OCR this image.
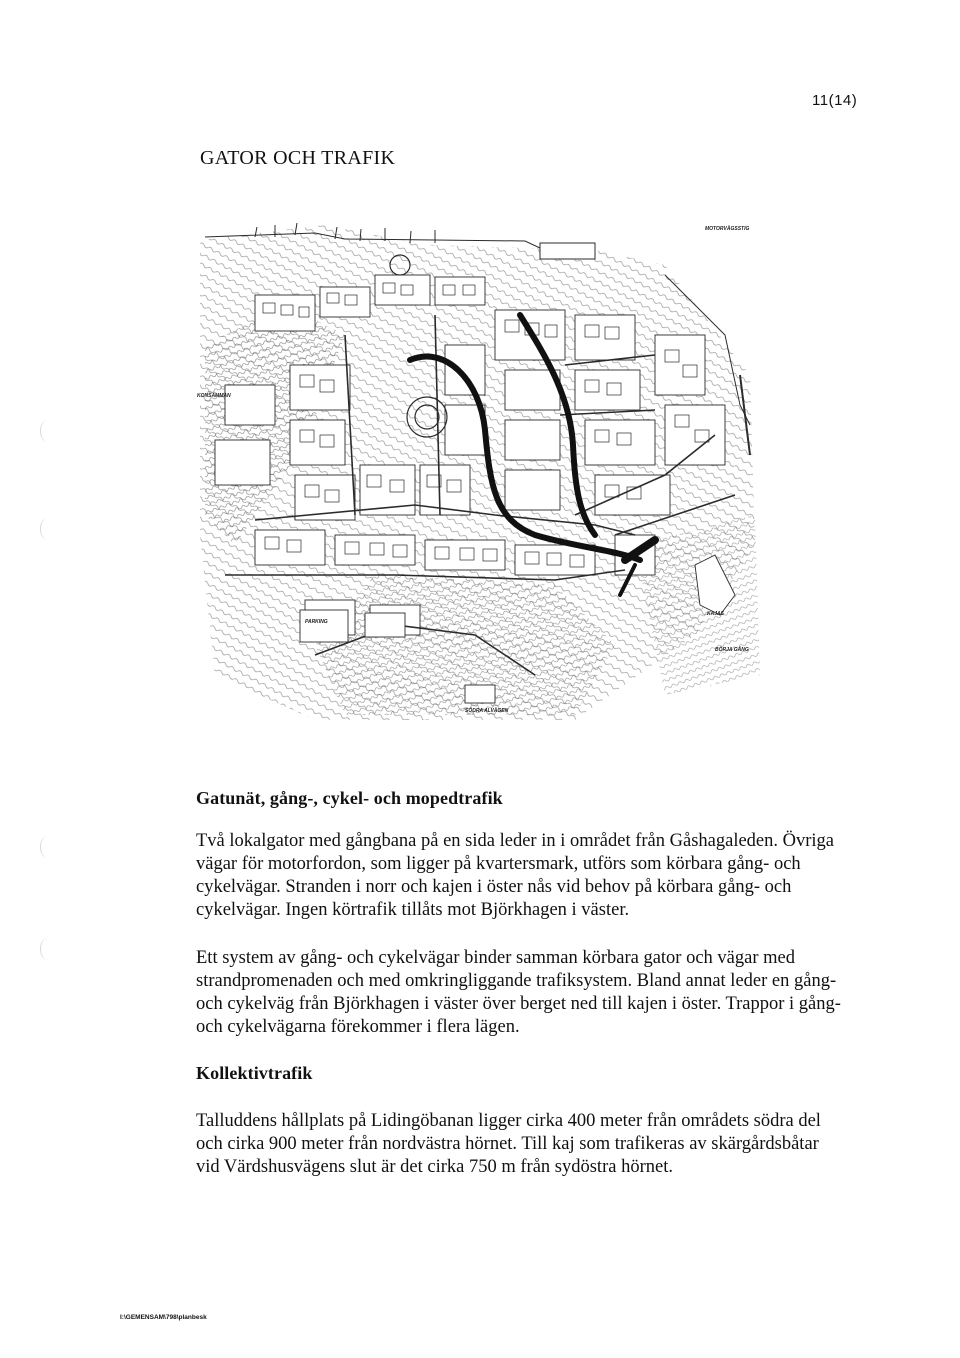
11(14)
GATOR OCH TRAFIK
MOTORVÄGSSTIG
KONSAMMAN
PARKING
SÖDRA ALVÄGEN
KAJAS
BÖRJA GÅNG
Gatunät, gång-, cykel- och mopedtrafik

Två lokalgator med gångbana på en sida leder in i området från Gåshagaleden. Övriga vägar för motorfordon, som ligger på kvartersmark, utförs som körbara gång- och cykelvägar. Stranden i norr och kajen i öster nås vid behov på körbara gång- och cykelvägar. Ingen körtrafik tillåts mot Björkhagen i väster.

Ett system av gång- och cykelvägar binder samman körbara gator och vägar med strandpromenaden och med omkringliggande trafiksystem. Bland annat leder en gång- och cykelväg från Björkhagen i väster över berget ned till kajen i öster. Trappor i gång- och cykelvägarna förekommer i flera lägen.

Kollektivtrafik

Talluddens hållplats på Lidingöbanan ligger cirka 400 meter från områdets södra del och cirka 900 meter från nordvästra hörnet. Till kaj som trafikeras av skärgårdsbåtar vid Värdshusvägens slut är det cirka 750 m från sydöstra hörnet.

I:\GEMENSAM\798\planbesk
